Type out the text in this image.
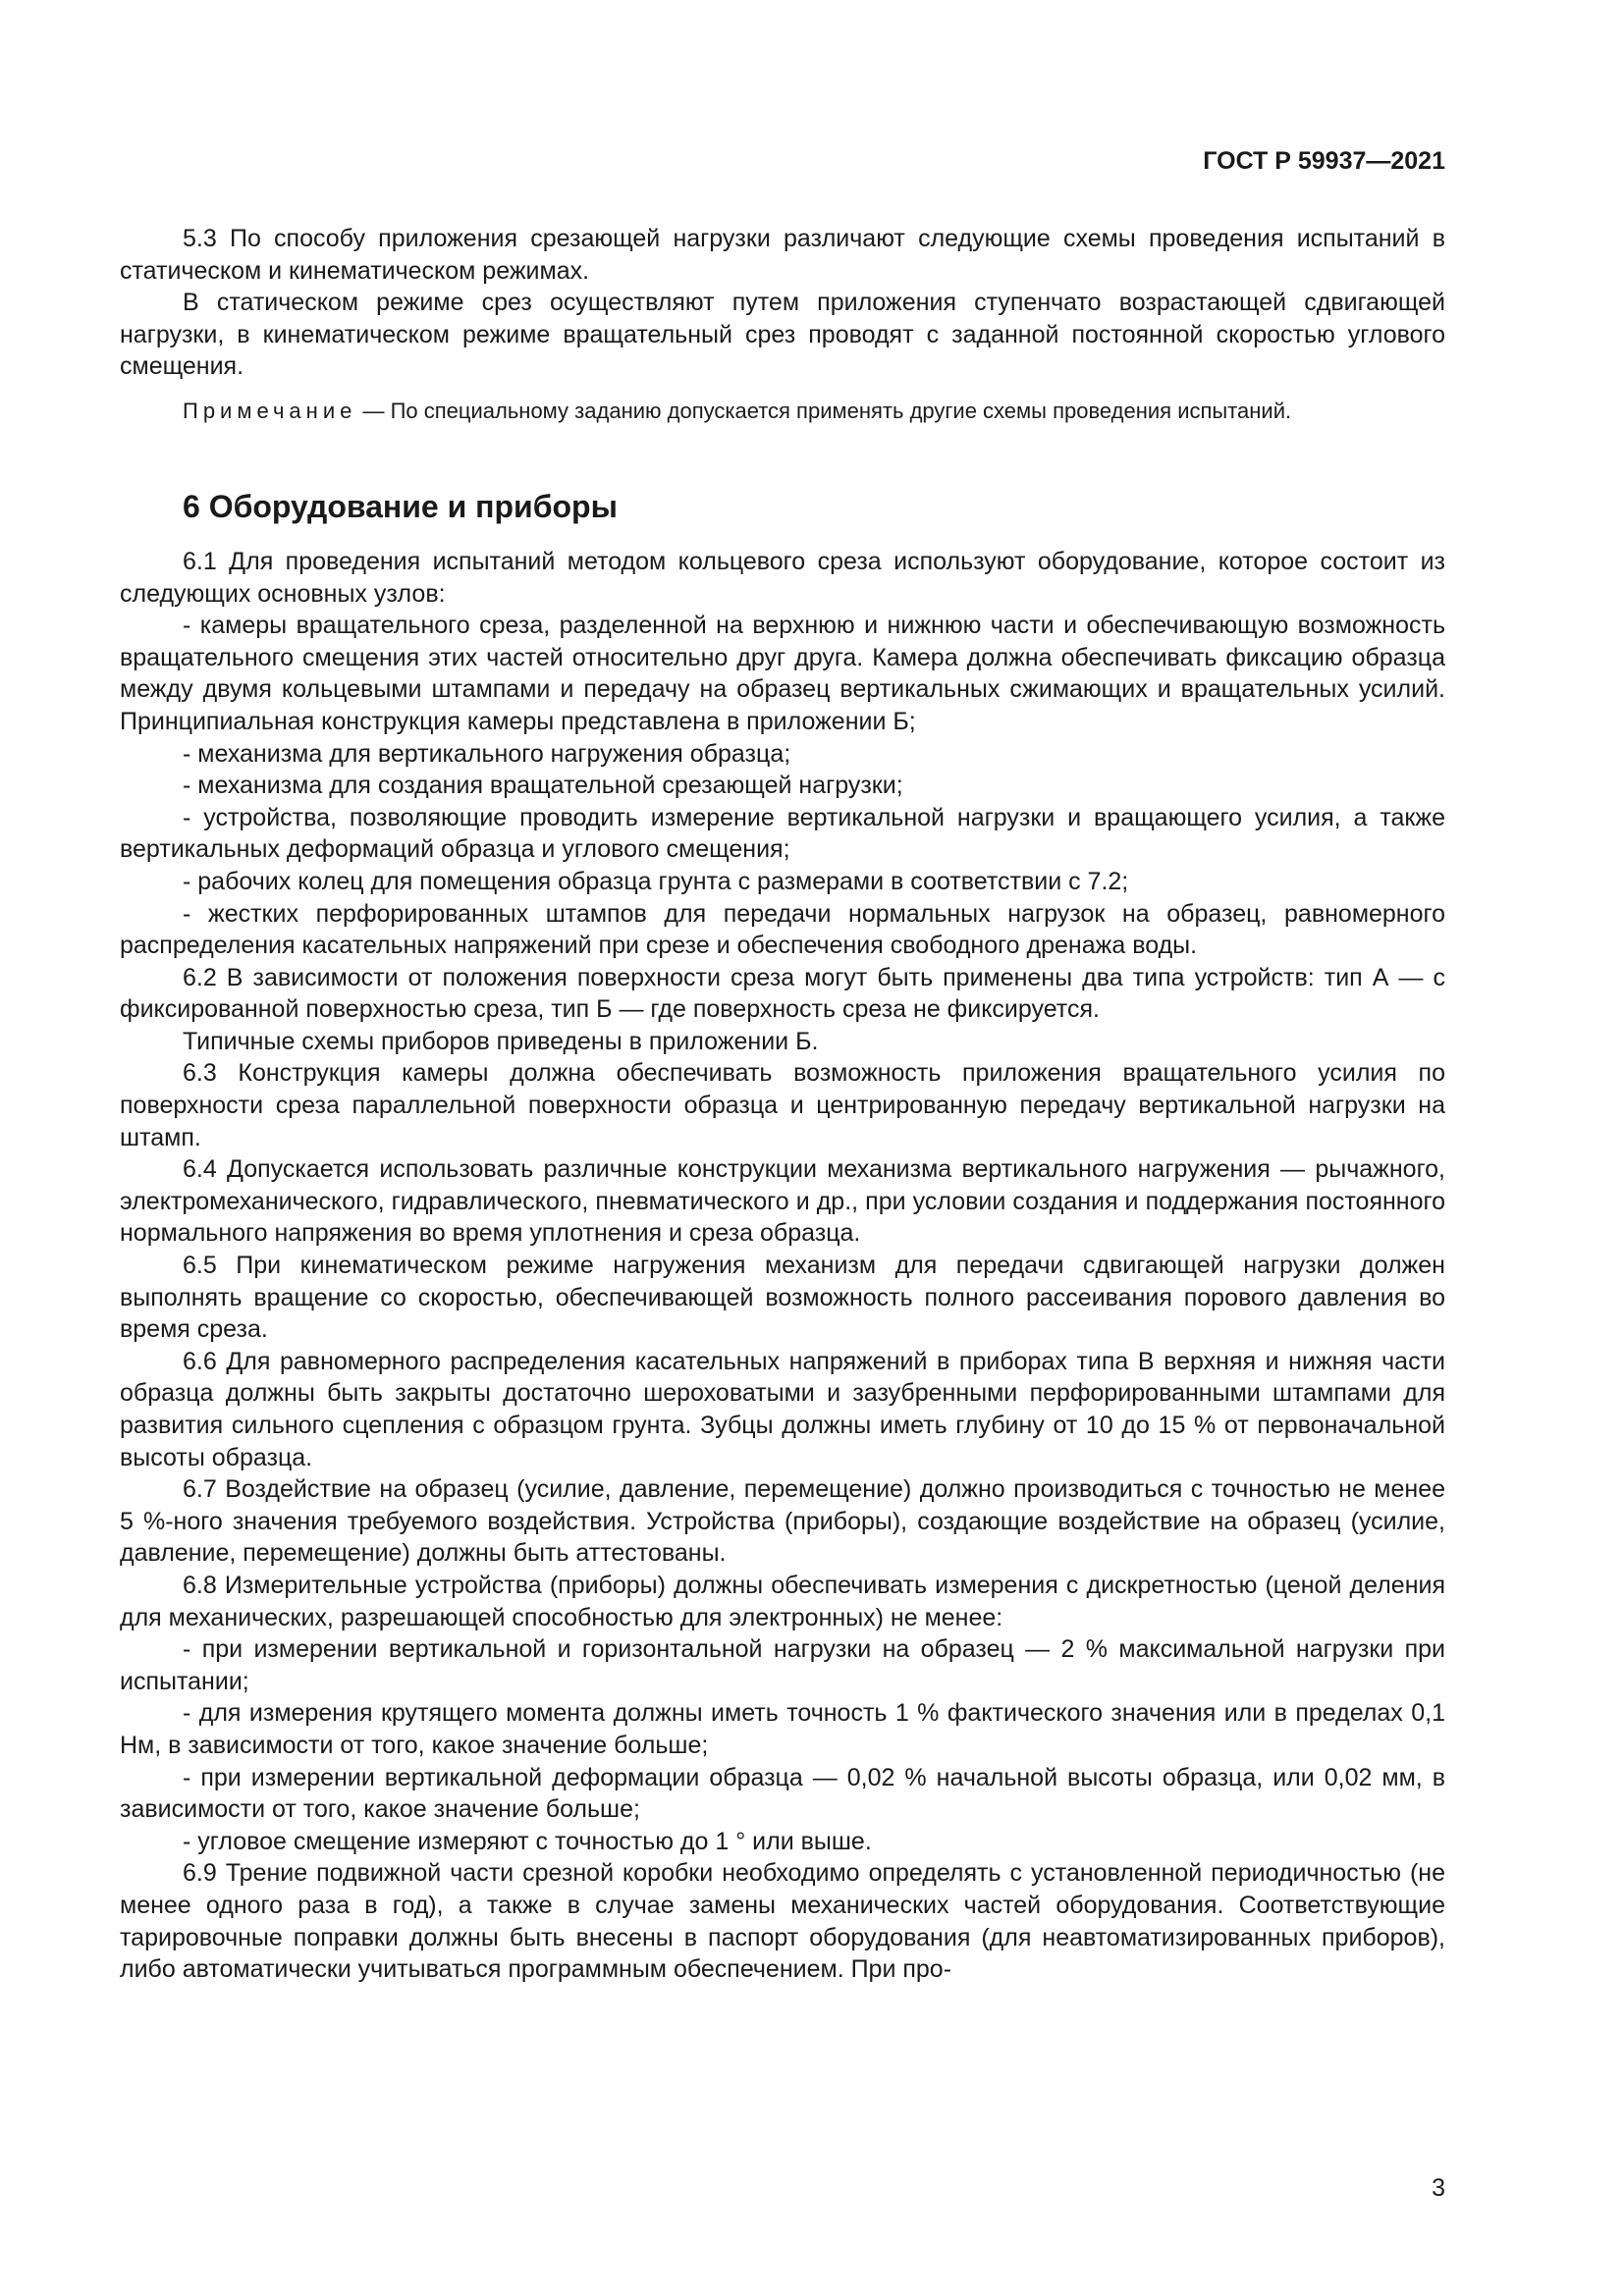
ГОСТ Р 59937—2021

5.3 По способу приложения срезающей нагрузки различают следующие схемы проведения испытаний в статическом и кинематическом режимах.

В статическом режиме срез осуществляют путем приложения ступенчато возрастающей сдвигающей нагрузки, в кинематическом режиме вращательный срез проводят с заданной постоянной скоростью углового смещения.

Примечание — По специальному заданию допускается применять другие схемы проведения испытаний.

6 Оборудование и приборы

6.1 Для проведения испытаний методом кольцевого среза используют оборудование, которое состоит из следующих основных узлов:

- камеры вращательного среза, разделенной на верхнюю и нижнюю части и обеспечивающую возможность вращательного смещения этих частей относительно друг друга. Камера должна обеспечивать фиксацию образца между двумя кольцевыми штампами и передачу на образец вертикальных сжимающих и вращательных усилий. Принципиальная конструкция камеры представлена в приложении Б;

- механизма для вертикального нагружения образца;

- механизма для создания вращательной срезающей нагрузки;

- устройства, позволяющие проводить измерение вертикальной нагрузки и вращающего усилия, а также вертикальных деформаций образца и углового смещения;

- рабочих колец для помещения образца грунта с размерами в соответствии с 7.2;

- жестких перфорированных штампов для передачи нормальных нагрузок на образец, равномерного распределения касательных напряжений при срезе и обеспечения свободного дренажа воды.

6.2 В зависимости от положения поверхности среза могут быть применены два типа устройств: тип А — с фиксированной поверхностью среза, тип Б — где поверхность среза не фиксируется.

Типичные схемы приборов приведены в приложении Б.

6.3 Конструкция камеры должна обеспечивать возможность приложения вращательного усилия по поверхности среза параллельной поверхности образца и центрированную передачу вертикальной нагрузки на штамп.

6.4 Допускается использовать различные конструкции механизма вертикального нагружения — рычажного, электромеханического, гидравлического, пневматического и др., при условии создания и поддержания постоянного нормального напряжения во время уплотнения и среза образца.

6.5 При кинематическом режиме нагружения механизм для передачи сдвигающей нагрузки должен выполнять вращение со скоростью, обеспечивающей возможность полного рассеивания порового давления во время среза.

6.6 Для равномерного распределения касательных напряжений в приборах типа В верхняя и нижняя части образца должны быть закрыты достаточно шероховатыми и зазубренными перфорированными штампами для развития сильного сцепления с образцом грунта. Зубцы должны иметь глубину от 10 до 15 % от первоначальной высоты образца.

6.7 Воздействие на образец (усилие, давление, перемещение) должно производиться с точностью не менее 5 %-ного значения требуемого воздействия. Устройства (приборы), создающие воздействие на образец (усилие, давление, перемещение) должны быть аттестованы.

6.8 Измерительные устройства (приборы) должны обеспечивать измерения с дискретностью (ценой деления для механических, разрешающей способностью для электронных) не менее:

- при измерении вертикальной и горизонтальной нагрузки на образец — 2 % максимальной нагрузки при испытании;

- для измерения крутящего момента должны иметь точность 1 % фактического значения или в пределах 0,1 Нм, в зависимости от того, какое значение больше;

- при измерении вертикальной деформации образца — 0,02 % начальной высоты образца, или 0,02 мм, в зависимости от того, какое значение больше;

- угловое смещение измеряют с точностью до 1 ° или выше.

6.9 Трение подвижной части срезной коробки необходимо определять с установленной периодичностью (не менее одного раза в год), а также в случае замены механических частей оборудования. Соответствующие тарировочные поправки должны быть внесены в паспорт оборудования (для неавтоматизированных приборов), либо автоматически учитываться программным обеспечением. При про-

3
